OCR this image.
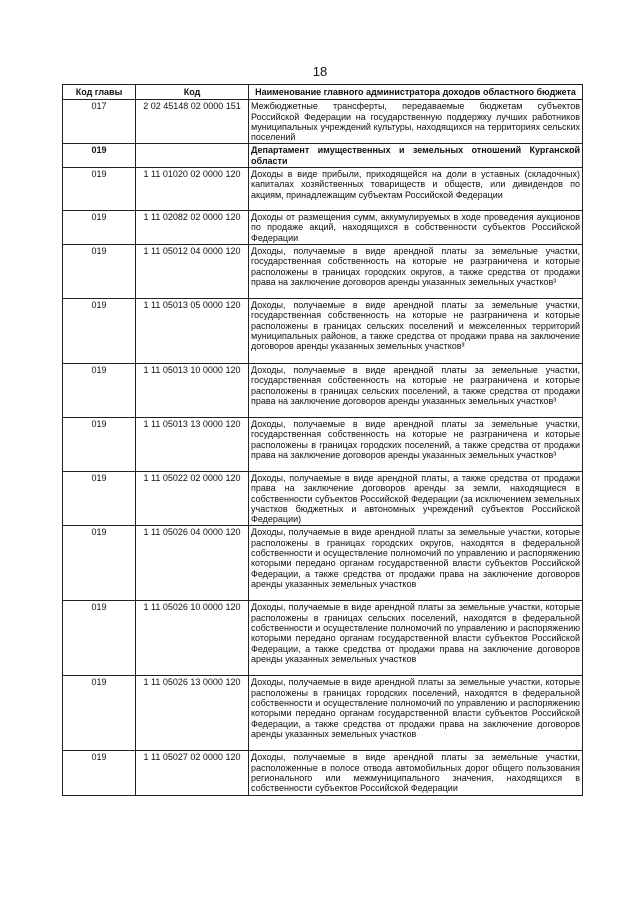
18
Код главы	Код	Наименование главного администратора доходов областного бюджета
017	2 02 45148 02 0000 151	Межбюджетные трансферты, передаваемые бюджетам субъектов Российской Федерации на государственную поддержку лучших работников муниципальных учреждений культуры, находящихся на территориях сельских поселений
019		Департамент имущественных и земельных отношений Курганской области
019	1 11 01020 02 0000 120	Доходы в виде прибыли, приходящейся на доли в уставных (складочных) капиталах хозяйственных товариществ и обществ, или дивидендов по акциям, принадлежащим субъектам Российской Федерации
019	1 11 02082 02 0000 120	Доходы от размещения сумм, аккумулируемых в ходе проведения аукционов по продаже акций, находящихся в собственности субъектов Российской Федерации
019	1 11 05012 04 0000 120	Доходы, получаемые в виде арендной платы за земельные участки, государственная собственность на которые не разграничена и которые расположены в границах городских округов, а также средства от продажи права на заключение договоров аренды указанных земельных участков³
019	1 11 05013 05 0000 120	Доходы, получаемые в виде арендной платы за земельные участки, государственная собственность на которые не разграничена и которые расположены в границах сельских поселений и межселенных территорий муниципальных районов, а также средства от продажи права на заключение договоров аренды указанных земельных участков³
019	1 11 05013 10 0000 120	Доходы, получаемые в виде арендной платы за земельные участки, государственная собственность на которые не разграничена и которые расположены в границах сельских поселений, а также средства от продажи права на заключение договоров аренды указанных земельных участков³
019	1 11 05013 13 0000 120	Доходы, получаемые в виде арендной платы за земельные участки, государственная собственность на которые не разграничена и которые расположены в границах городских поселений, а также средства от продажи права на заключение договоров аренды указанных земельных участков³
019	1 11 05022 02 0000 120	Доходы, получаемые в виде арендной платы, а также средства от продажи права на заключение договоров аренды за земли, находящиеся в собственности субъектов Российской Федерации (за исключением земельных участков бюджетных и автономных учреждений субъектов Российской Федерации)
019	1 11 05026 04 0000 120	Доходы, получаемые в виде арендной платы за земельные участки, которые расположены в границах городских округов, находятся в федеральной собственности и осуществление полномочий по управлению и распоряжению которыми передано органам государственной власти субъектов Российской Федерации, а также средства от продажи права на заключение договоров аренды указанных земельных участков
019	1 11 05026 10 0000 120	Доходы, получаемые в виде арендной платы за земельные участки, которые расположены в границах сельских поселений, находятся в федеральной собственности и осуществление полномочий по управлению и распоряжению которыми передано органам государственной власти субъектов Российской Федерации, а также средства от продажи права на заключение договоров аренды указанных земельных участков
019	1 11 05026 13 0000 120	Доходы, получаемые в виде арендной платы за земельные участки, которые расположены в границах городских поселений, находятся в федеральной собственности и осуществление полномочий по управлению и распоряжению которыми передано органам государственной власти субъектов Российской Федерации, а также средства от продажи права на заключение договоров аренды указанных земельных участков
019	1 11 05027 02 0000 120	Доходы, получаемые в виде арендной платы за земельные участки, расположенные в полосе отвода автомобильных дорог общего пользования регионального или межмуниципального значения, находящихся в собственности субъектов Российской Федерации
